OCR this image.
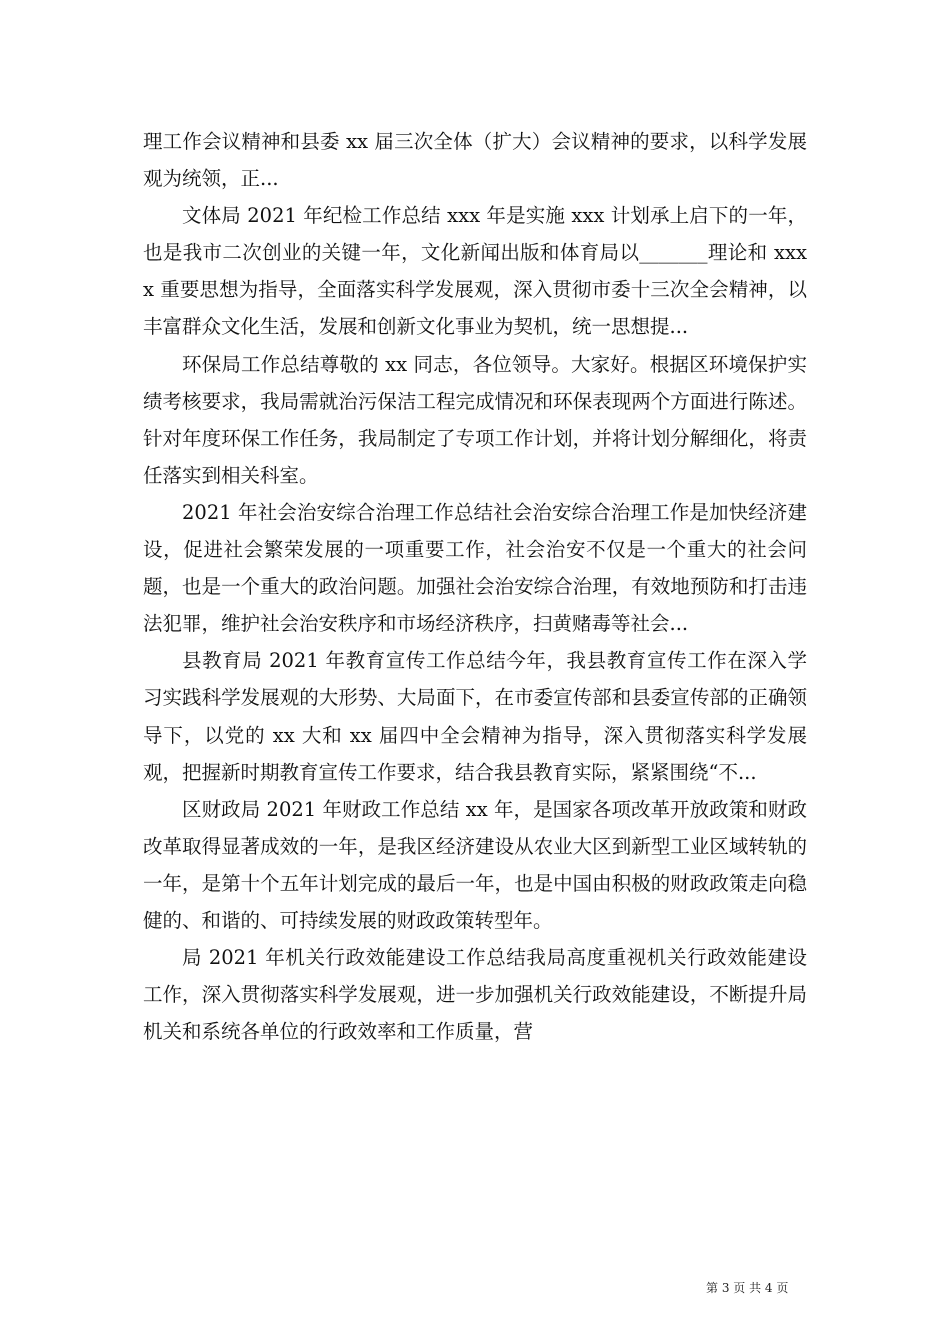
理工作会议精神和县委 xx 届三次全体（扩大）会议精神的要求，以科学发展观为统领，正...

文体局 2021 年纪检工作总结 xxx 年是实施 xxx 计划承上启下的一年，也是我市二次创业的关键一年，文化新闻出版和体育局以_______理论和 xxxx 重要思想为指导，全面落实科学发展观，深入贯彻市委十三次全会精神，以丰富群众文化生活，发展和创新文化事业为契机，统一思想提...

环保局工作总结尊敬的 xx 同志，各位领导。大家好。根据区环境保护实绩考核要求，我局需就治污保洁工程完成情况和环保表现两个方面进行陈述。针对年度环保工作任务，我局制定了专项工作计划，并将计划分解细化，将责任落实到相关科室。

2021 年社会治安综合治理工作总结社会治安综合治理工作是加快经济建设，促进社会繁荣发展的一项重要工作，社会治安不仅是一个重大的社会问题，也是一个重大的政治问题。加强社会治安综合治理，有效地预防和打击违法犯罪，维护社会治安秩序和市场经济秩序，扫黄赌毒等社会...

县教育局 2021 年教育宣传工作总结今年，我县教育宣传工作在深入学习实践科学发展观的大形势、大局面下，在市委宣传部和县委宣传部的正确领导下，以党的 xx 大和 xx 届四中全会精神为指导，深入贯彻落实科学发展观，把握新时期教育宣传工作要求，结合我县教育实际，紧紧围绕“不...

区财政局 2021 年财政工作总结 xx 年，是国家各项改革开放政策和财政改革取得显著成效的一年，是我区经济建设从农业大区到新型工业区域转轨的一年，是第十个五年计划完成的最后一年，也是中国由积极的财政政策走向稳健的、和谐的、可持续发展的财政政策转型年。

局 2021 年机关行政效能建设工作总结我局高度重视机关行政效能建设工作，深入贯彻落实科学发展观，进一步加强机关行政效能建设，不断提升局机关和系统各单位的行政效率和工作质量，营

第 3 页 共 4 页
